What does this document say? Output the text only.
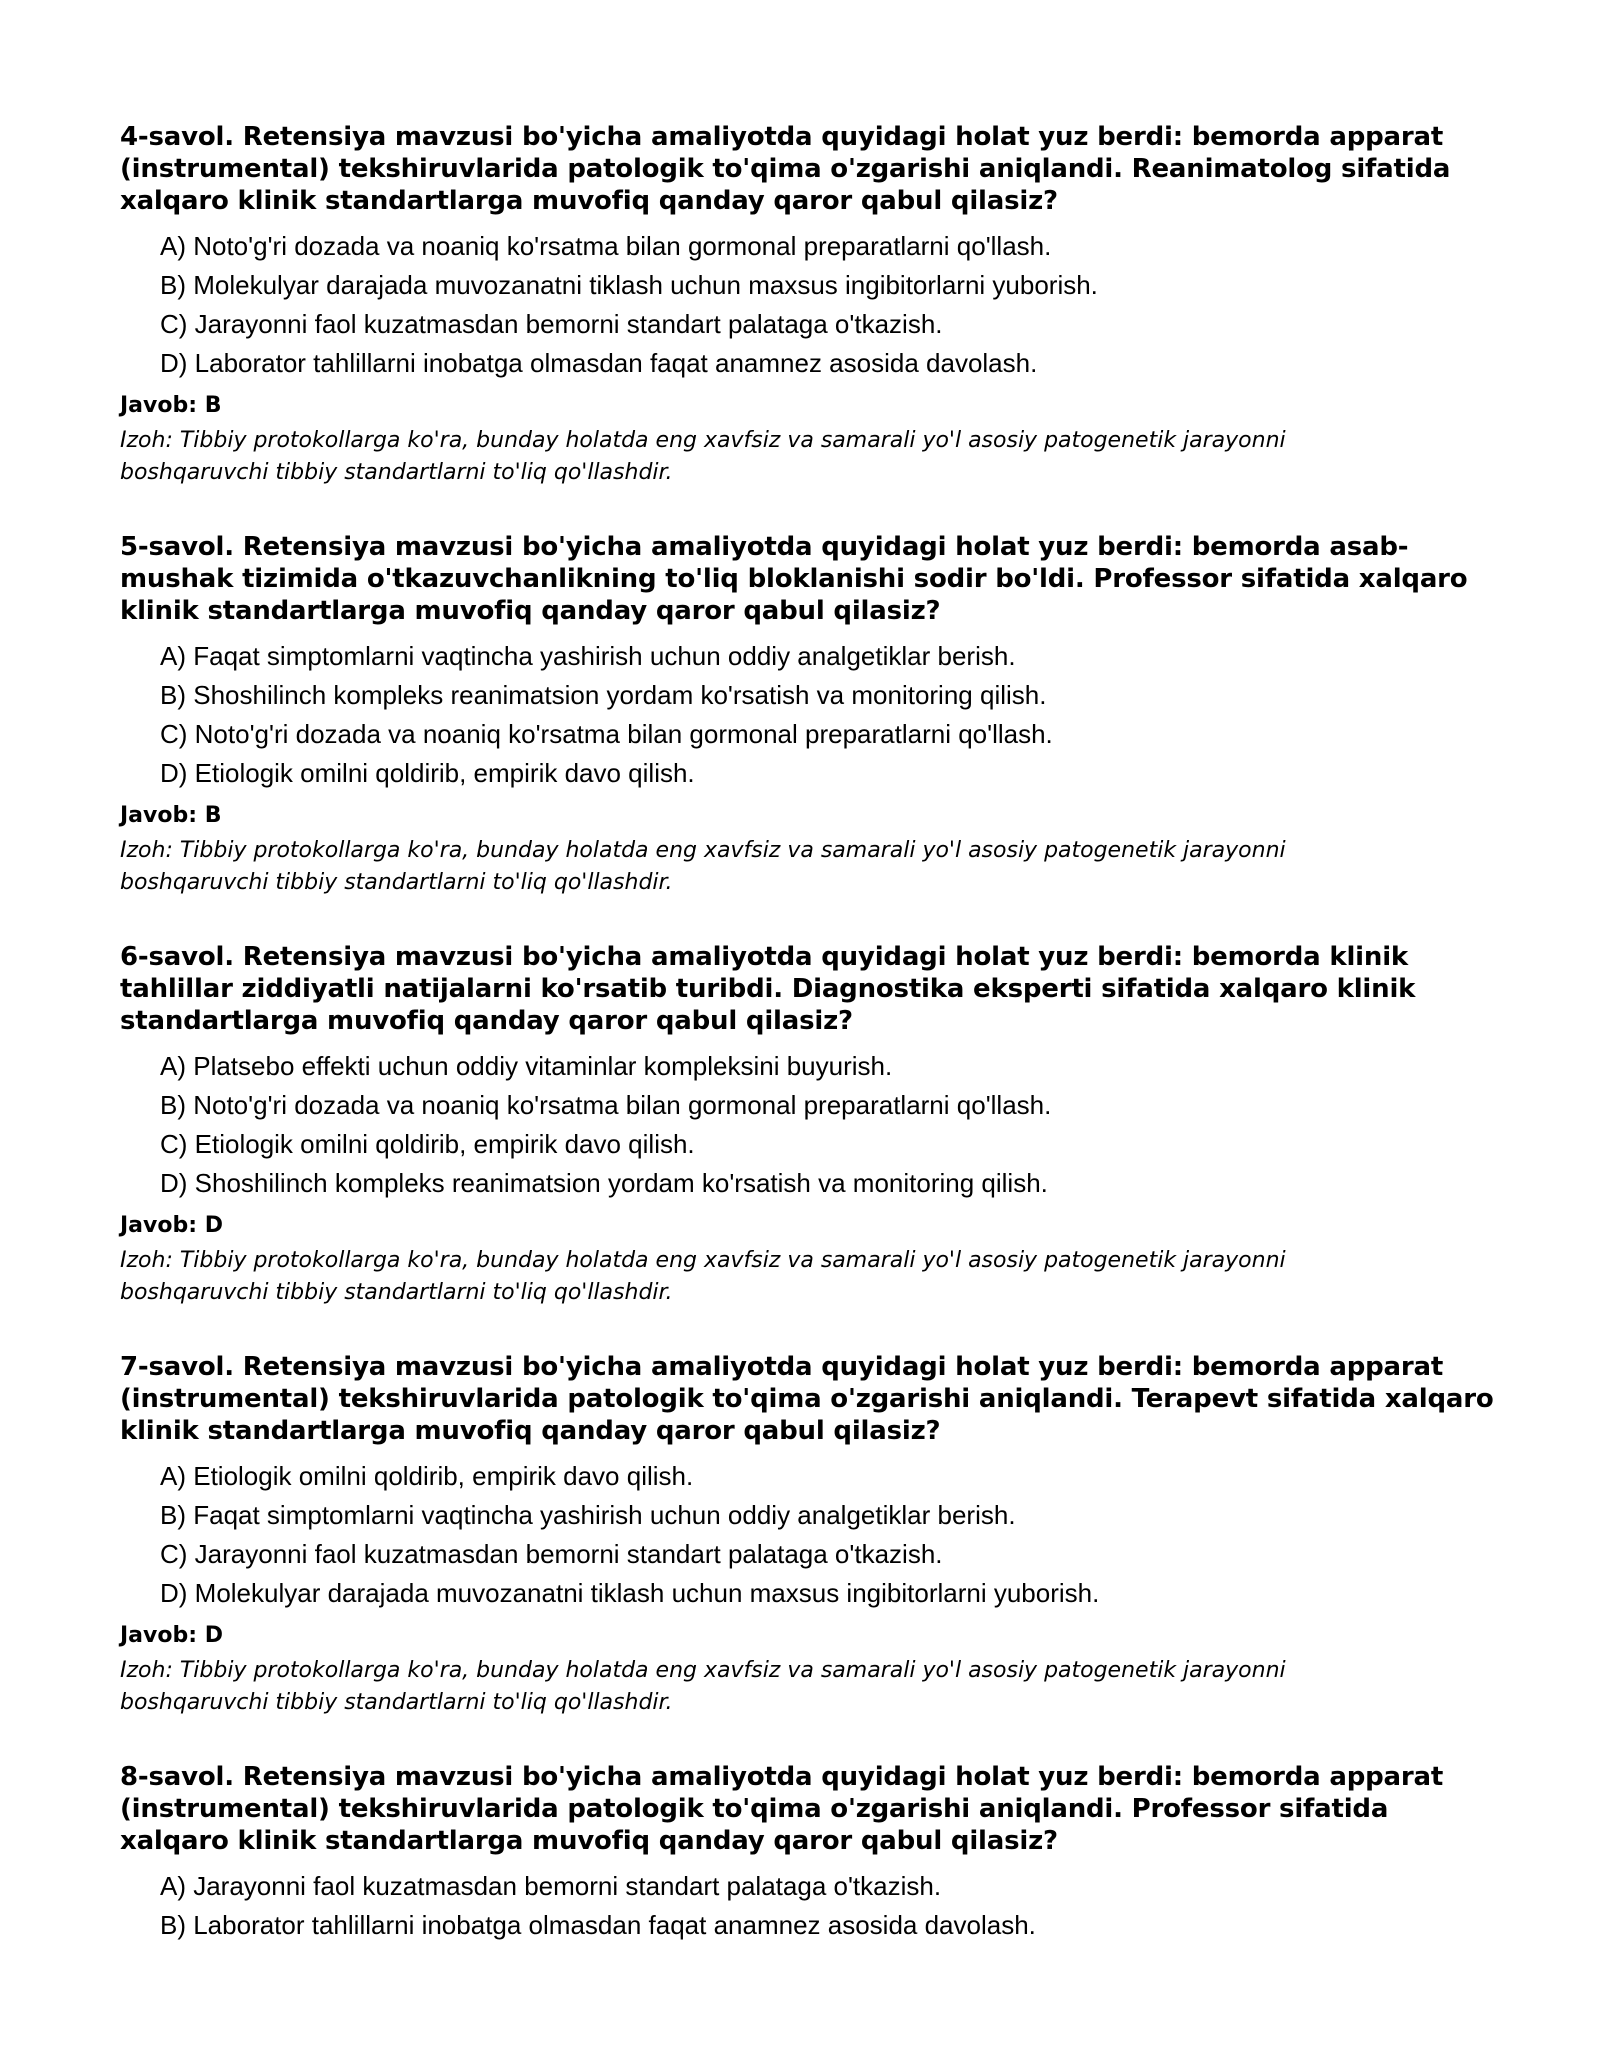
4-savol. Retensiya mavzusi bo'yicha amaliyotda quyidagi holat yuz berdi: bemorda apparat (instrumental) tekshiruvlarida patologik to'qima o'zgarishi aniqlandi. Reanimatolog sifatida xalqaro klinik standartlarga muvofiq qanday qaror qabul qilasiz?

A) Noto'g'ri dozada va noaniq ko'rsatma bilan gormonal preparatlarni qo'llash.
B) Molekulyar darajada muvozanatni tiklash uchun maxsus ingibitorlarni yuborish.
C) Jarayonni faol kuzatmasdan bemorni standart palataga o'tkazish.
D) Laborator tahlillarni inobatga olmasdan faqat anamnez asosida davolash.

Javob: B

Izoh: Tibbiy protokollarga ko'ra, bunday holatda eng xavfsiz va samarali yo'l asosiy patogenetik jarayonni boshqaruvchi tibbiy standartlarni to'liq qo'llashdir.

5-savol. Retensiya mavzusi bo'yicha amaliyotda quyidagi holat yuz berdi: bemorda asab-mushak tizimida o'tkazuvchanlikning to'liq bloklanishi sodir bo'ldi. Professor sifatida xalqaro klinik standartlarga muvofiq qanday qaror qabul qilasiz?

A) Faqat simptomlarni vaqtincha yashirish uchun oddiy analgetiklar berish.
B) Shoshilinch kompleks reanimatsion yordam ko'rsatish va monitoring qilish.
C) Noto'g'ri dozada va noaniq ko'rsatma bilan gormonal preparatlarni qo'llash.
D) Etiologik omilni qoldirib, empirik davo qilish.

Javob: B

Izoh: Tibbiy protokollarga ko'ra, bunday holatda eng xavfsiz va samarali yo'l asosiy patogenetik jarayonni boshqaruvchi tibbiy standartlarni to'liq qo'llashdir.

6-savol. Retensiya mavzusi bo'yicha amaliyotda quyidagi holat yuz berdi: bemorda klinik tahlillar ziddiyatli natijalarni ko'rsatib turibdi. Diagnostika eksperti sifatida xalqaro klinik standartlarga muvofiq qanday qaror qabul qilasiz?

A) Platsebo effekti uchun oddiy vitaminlar kompleksini buyurish.
B) Noto'g'ri dozada va noaniq ko'rsatma bilan gormonal preparatlarni qo'llash.
C) Etiologik omilni qoldirib, empirik davo qilish.
D) Shoshilinch kompleks reanimatsion yordam ko'rsatish va monitoring qilish.

Javob: D

Izoh: Tibbiy protokollarga ko'ra, bunday holatda eng xavfsiz va samarali yo'l asosiy patogenetik jarayonni boshqaruvchi tibbiy standartlarni to'liq qo'llashdir.

7-savol. Retensiya mavzusi bo'yicha amaliyotda quyidagi holat yuz berdi: bemorda apparat (instrumental) tekshiruvlarida patologik to'qima o'zgarishi aniqlandi. Terapevt sifatida xalqaro klinik standartlarga muvofiq qanday qaror qabul qilasiz?

A) Etiologik omilni qoldirib, empirik davo qilish.
B) Faqat simptomlarni vaqtincha yashirish uchun oddiy analgetiklar berish.
C) Jarayonni faol kuzatmasdan bemorni standart palataga o'tkazish.
D) Molekulyar darajada muvozanatni tiklash uchun maxsus ingibitorlarni yuborish.

Javob: D

Izoh: Tibbiy protokollarga ko'ra, bunday holatda eng xavfsiz va samarali yo'l asosiy patogenetik jarayonni boshqaruvchi tibbiy standartlarni to'liq qo'llashdir.

8-savol. Retensiya mavzusi bo'yicha amaliyotda quyidagi holat yuz berdi: bemorda apparat (instrumental) tekshiruvlarida patologik to'qima o'zgarishi aniqlandi. Professor sifatida xalqaro klinik standartlarga muvofiq qanday qaror qabul qilasiz?

A) Jarayonni faol kuzatmasdan bemorni standart palataga o'tkazish.
B) Laborator tahlillarni inobatga olmasdan faqat anamnez asosida davolash.
